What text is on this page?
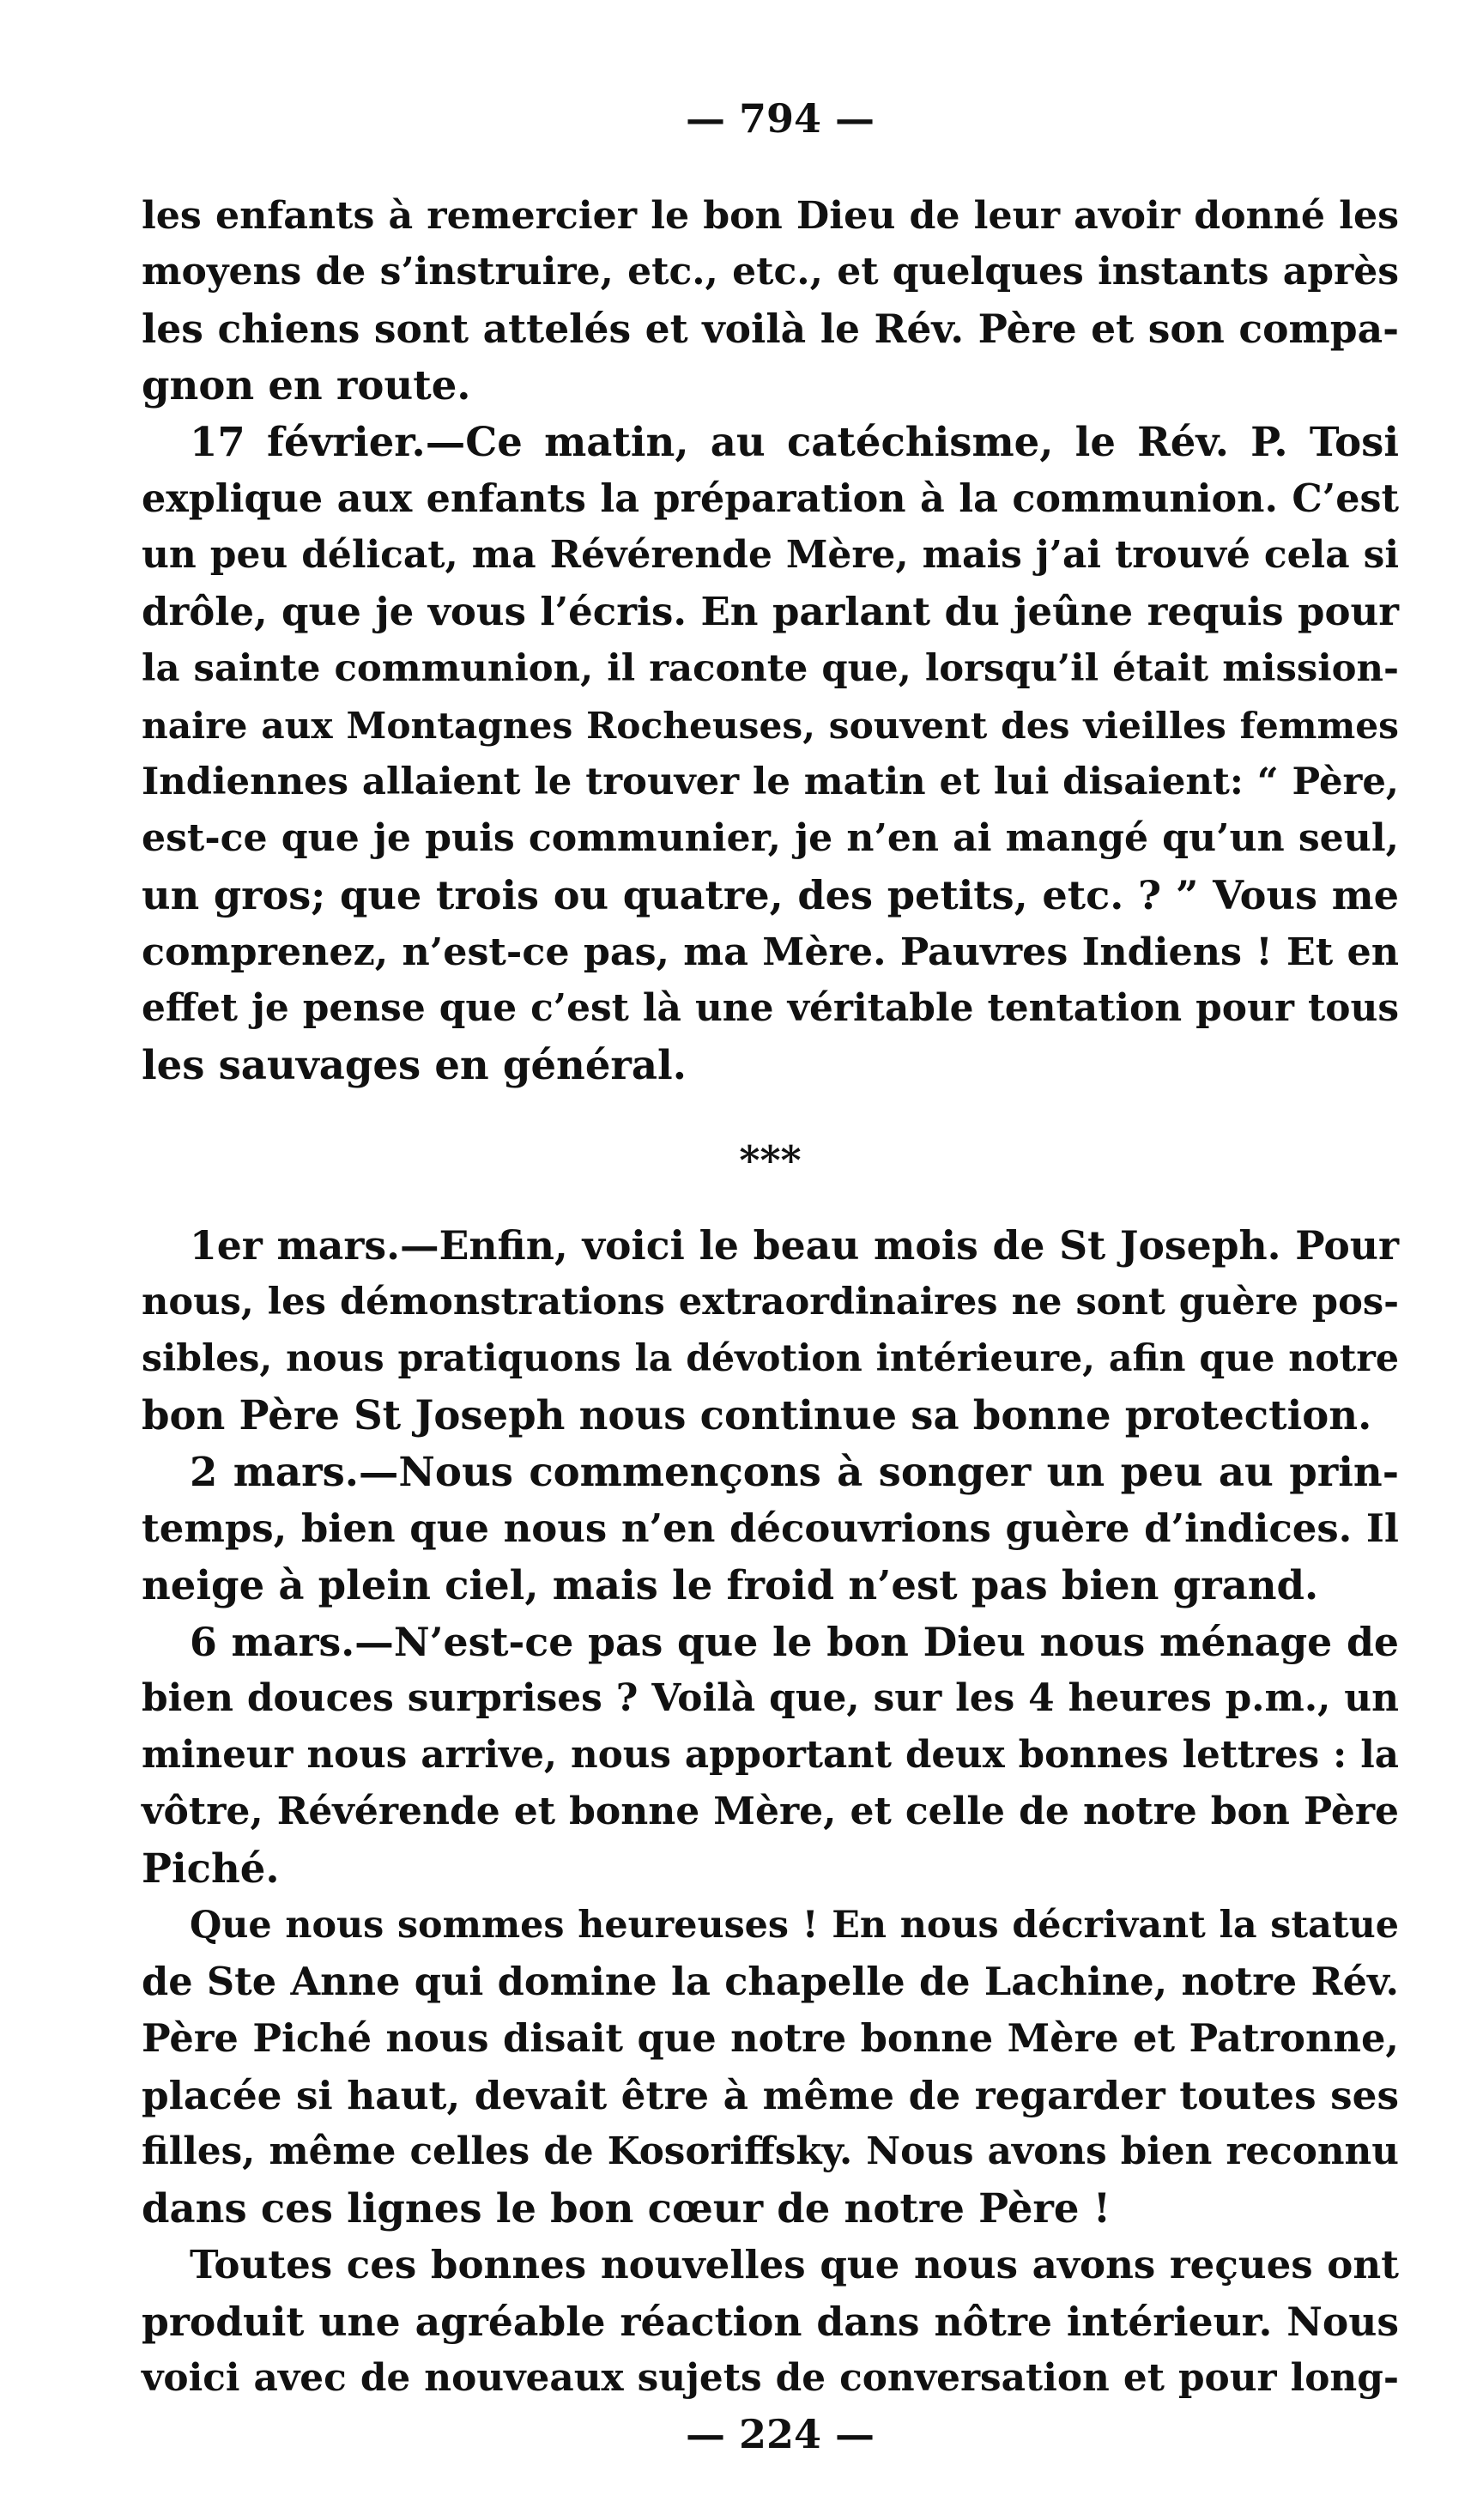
— 794 —
les enfants à remercier le bon Dieu de leur avoir donné les
moyens de s’instruire, etc., etc., et quelques instants après
les chiens sont attelés et voilà le Rév. Père et son compa-
gnon en route.
17 février.—Ce matin, au catéchisme, le Rév. P. Tosi
explique aux enfants la préparation à la communion. C’est
un peu délicat, ma Révérende Mère, mais j’ai trouvé cela si
drôle, que je vous l’écris. En parlant du jeûne requis pour
la sainte communion, il raconte que, lorsqu’il était mission-
naire aux Montagnes Rocheuses, souvent des vieilles femmes
Indiennes allaient le trouver le matin et lui disaient: “ Père,
est-ce que je puis communier, je n’en ai mangé qu’un seul,
un gros; que trois ou quatre, des petits, etc. ? ” Vous me
comprenez, n’est-ce pas, ma Mère. Pauvres Indiens ! Et en
effet je pense que c’est là une véritable tentation pour tous
les sauvages en général.
***
1er mars.—Enfin, voici le beau mois de St Joseph. Pour
nous, les démonstrations extraordinaires ne sont guère pos-
sibles, nous pratiquons la dévotion intérieure, afin que notre
bon Père St Joseph nous continue sa bonne protection.
2 mars.—Nous commençons à songer un peu au prin-
temps, bien que nous n’en découvrions guère d’indices. Il
neige à plein ciel, mais le froid n’est pas bien grand.
6 mars.—N’est-ce pas que le bon Dieu nous ménage de
bien douces surprises ? Voilà que, sur les 4 heures p.m., un
mineur nous arrive, nous apportant deux bonnes lettres : la
vôtre, Révérende et bonne Mère, et celle de notre bon Père
Piché.
Que nous sommes heureuses ! En nous décrivant la statue
de Ste Anne qui domine la chapelle de Lachine, notre Rév.
Père Piché nous disait que notre bonne Mère et Patronne,
placée si haut, devait être à même de regarder toutes ses
filles, même celles de Kosoriffsky. Nous avons bien reconnu
dans ces lignes le bon cœur de notre Père !
Toutes ces bonnes nouvelles que nous avons reçues ont
produit une agréable réaction dans nôtre intérieur. Nous
voici avec de nouveaux sujets de conversation et pour long-
— 224 —
